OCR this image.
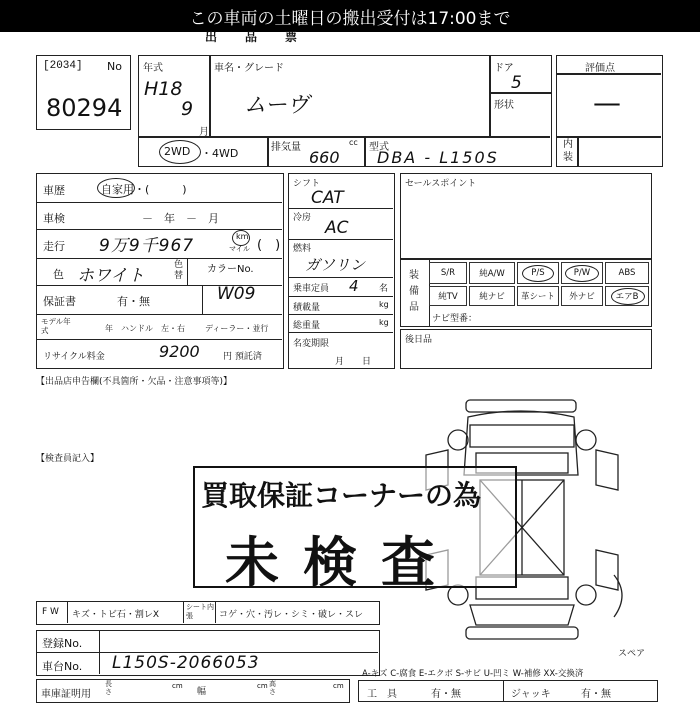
この車両の土曜日の搬出受付は17:00まで
出品票
[2034] No
80294
年式
H18
9
月
車名・グレード
ムーヴ
ドア
5
形状
2WD ・4WD	排気量	cc
660
型式
DBA - L150S
評価点
—
内装
車歴	自家用・(　　　)
車検	－　年　－　月
走行 9万9千967	km
マイル (　)
色 ホワイト
色替
カラーNo.
W09
保証書	有・無
モデル年式	年 ハンドル　左・右	ディーラー・並行
リサイクル料金	9200	円 預託済
シフト
CAT
冷房 AC
燃料
ガソリン
乗車定員 4 名
積載量	kg
総重量	kg
名変期限
月　　日
セールスポイント
装備品
S/R	純A/W	P/S	P/W	ABS
純TV	純ナビ	革シート	外ナビ	エアB
ナビ型番：
後日品
【出品店申告欄(不具箇所・欠品・注意事項等)】
【検査員記入】
スペア
買取保証コーナーの為
未検査
F W キズ・トビ石・割レX
シート内張	コゲ・穴・汚レ・シミ・破レ・スレ
登録No.
車台No. L150S-2066053
車庫証明用
長さ
cm
幅
cm 高さ
cm
A-キズ C-腐食 E-エクボ S-サビ U-凹ミ W-補修 XX-交換済
工　具	有・無	ジャッキ	有・無
